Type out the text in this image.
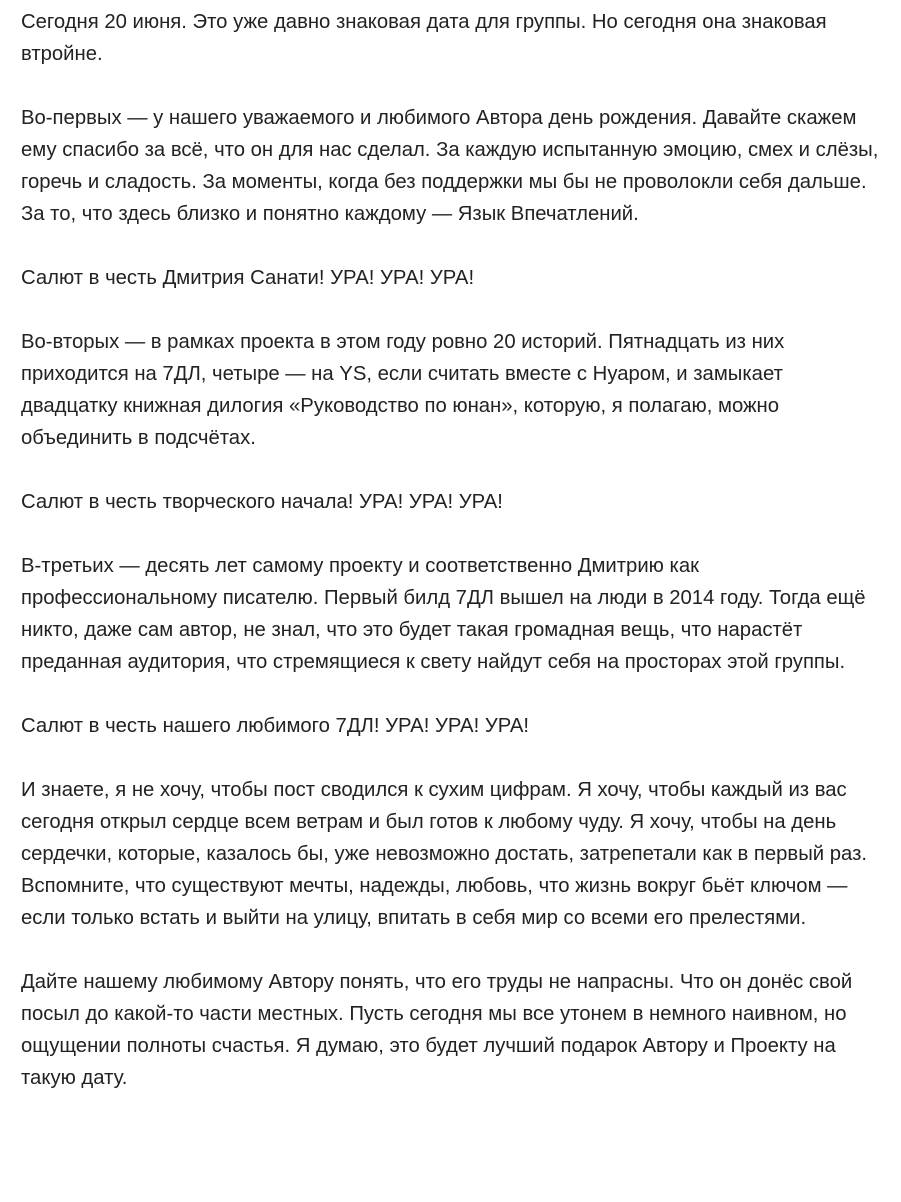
Сегодня 20 июня. Это уже давно знаковая дата для группы. Но сегодня она знаковая втройне.

Во-первых — у нашего уважаемого и любимого Автора день рождения. Давайте скажем ему спасибо за всё, что он для нас сделал. За каждую испытанную эмоцию, смех и слёзы, горечь и сладость. За моменты, когда без поддержки мы бы не проволокли себя дальше. За то, что здесь близко и понятно каждому — Язык Впечатлений.

Салют в честь Дмитрия Санати! УРА! УРА! УРА!

Во-вторых — в рамках проекта в этом году ровно 20 историй. Пятнадцать из них приходится на 7ДЛ, четыре — на YS, если считать вместе с Нуаром, и замыкает двадцатку книжная дилогия «Руководство по юнан», которую, я полагаю, можно объединить в подсчётах.

Салют в честь творческого начала! УРА! УРА! УРА!

В-третьих — десять лет самому проекту и соответственно Дмитрию как профессиональному писателю. Первый билд 7ДЛ вышел на люди в 2014 году. Тогда ещё никто, даже сам автор, не знал, что это будет такая громадная вещь, что нарастёт преданная аудитория, что стремящиеся к свету найдут себя на просторах этой группы.

Салют в честь нашего любимого 7ДЛ! УРА! УРА! УРА!

И знаете, я не хочу, чтобы пост сводился к сухим цифрам. Я хочу, чтобы каждый из вас сегодня открыл сердце всем ветрам и был готов к любому чуду. Я хочу, чтобы на день сердечки, которые, казалось бы, уже невозможно достать, затрепетали как в первый раз. Вспомните, что существуют мечты, надежды, любовь, что жизнь вокруг бьёт ключом — если только встать и выйти на улицу, впитать в себя мир со всеми его прелестями.

Дайте нашему любимому Автору понять, что его труды не напрасны. Что он донёс свой посыл до какой-то части местных. Пусть сегодня мы все утонем в немного наивном, но ощущении полноты счастья. Я думаю, это будет лучший подарок Автору и Проекту на такую дату.
